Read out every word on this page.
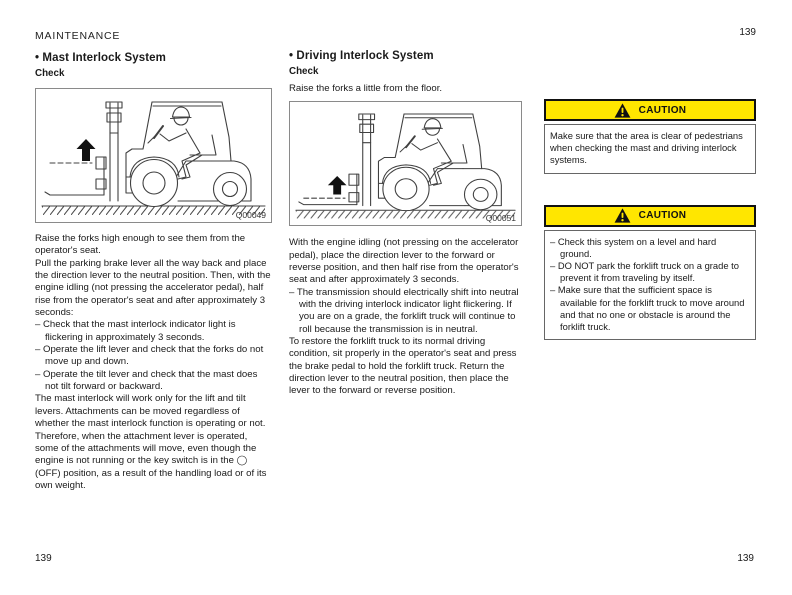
MAINTENANCE	139
139	139
• Mast Interlock System
Check
Q00049

Raise the forks high enough to see them from the operator's seat.

Pull the parking brake lever all the way back and place the direction lever to the neutral position. Then, with the engine idling (not pressing the accelerator pedal), half rise from the operator's seat and after approximately 3 seconds:

– Check that the mast interlock indicator light is flickering in approximately 3 seconds.

– Operate the lift lever and check that the forks do not move up and down.

– Operate the tilt lever and check that the mast does not tilt forward or backward.

The mast interlock will work only for the lift and tilt levers. Attachments can be moved regardless of whether the mast interlock function is operating or not. Therefore, when the attachment lever is operated, some of the attachments will move, even though the engine is not running or the key switch is in the ◯ (OFF) position, as a result of the handling load or of its own weight.

• Driving Interlock System
Check

Raise the forks a little from the floor.

Q00051

With the engine idling (not pressing on the accelerator pedal), place the direction lever to the forward or reverse position, and then half rise from the operator's seat and after approximately 3 seconds.

– The transmission should electrically shift into neutral with the driving interlock indicator light flickering. If you are on a grade, the forklift truck will continue to roll because the transmission is in neutral.

To restore the forklift truck to its normal driving condition, sit properly in the operator's seat and press the brake pedal to hold the forklift truck. Return the direction lever to the neutral position, then place the lever to the forward or reverse position.

CAUTION

Make sure that the area is clear of pedestrians when checking the mast and driving interlock systems.

CAUTION

– Check this system on a level and hard ground.

– DO NOT park the forklift truck on a grade to prevent it from traveling by itself.

– Make sure that the sufficient space is available for the forklift truck to move around and that no one or obstacle is around the forklift truck.
